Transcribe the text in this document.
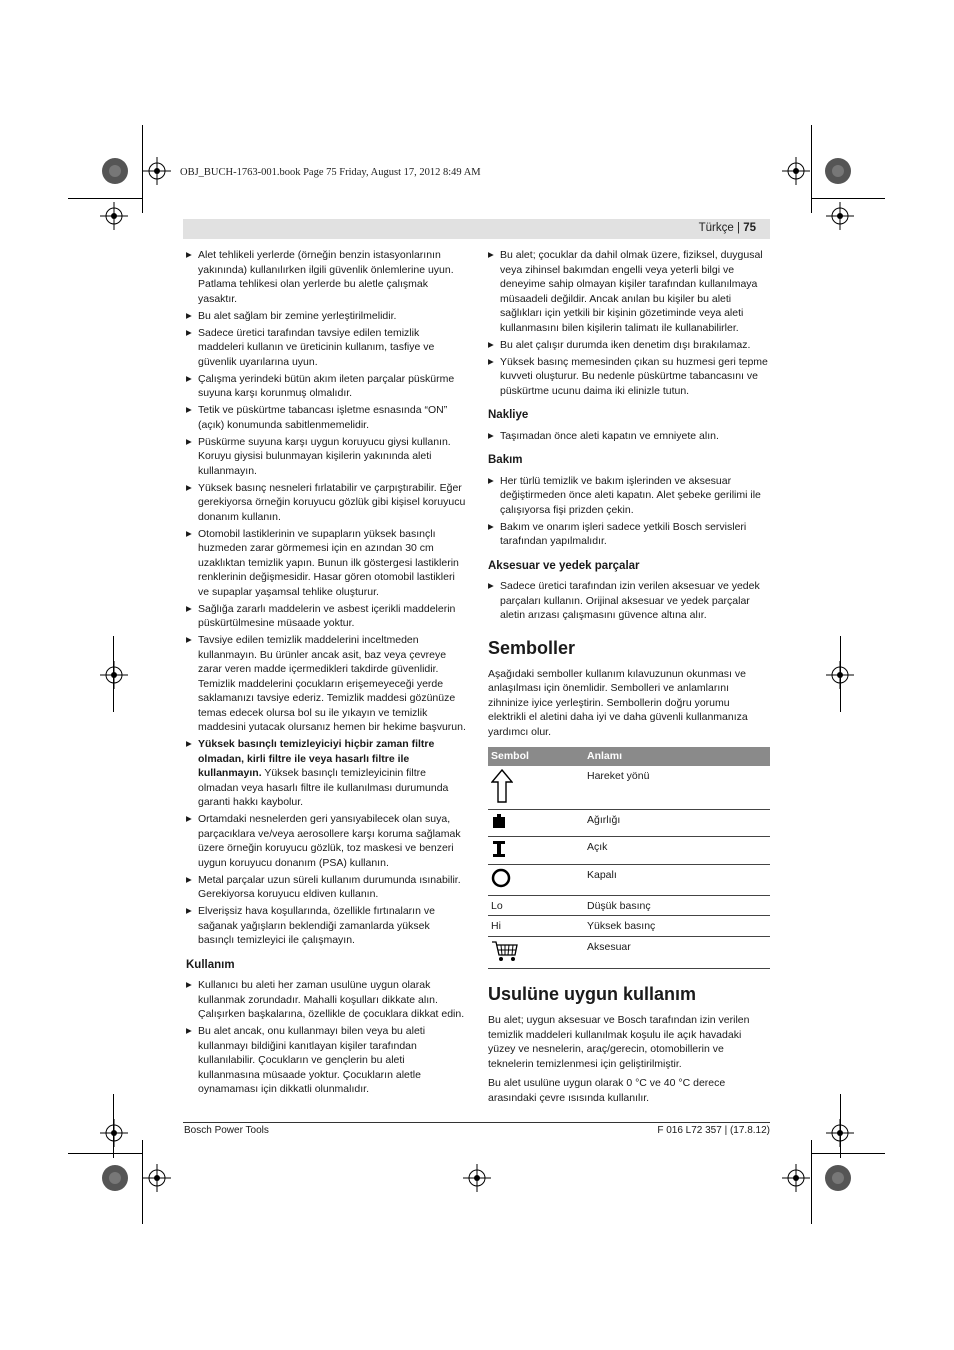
OBJ_BUCH-1763-001.book Page 75 Friday, August 17, 2012 8:49 AM
Türkçe | 75
▶ Alet tehlikeli yerlerde (örneğin benzin istasyonlarının yakınında) kullanılırken ilgili güvenlik önlemlerine uyun. Patlama tehlikesi olan yerlerde bu aletle çalışmak yasaktır.
▶ Bu alet sağlam bir zemine yerleştirilmelidir.
▶ Sadece üretici tarafından tavsiye edilen temizlik maddeleri kullanın ve üreticinin kullanım, tasfiye ve güvenlik uyarılarına uyun.
▶ Çalışma yerindeki bütün akım ileten parçalar püskürme suyuna karşı korunmuş olmalıdır.
▶ Tetik ve püskürtme tabancası işletme esnasında “ON” (açık) konumunda sabitlenmemelidir.
▶ Püskürme suyuna karşı uygun koruyucu giysi kullanın. Koruyu giysisi bulunmayan kişilerin yakınında aleti kullanmayın.
▶ Yüksek basınç nesneleri fırlatabilir ve çarpıştırabilir. Eğer gerekiyorsa örneğin koruyucu gözlük gibi kişisel koruyucu donanım kullanın.
▶ Otomobil lastiklerinin ve supapların yüksek basınçlı huzmeden zarar görmemesi için en azından 30 cm uzaklıktan temizlik yapın. Bunun ilk göstergesi lastiklerin renklerinin değişmesidir. Hasar gören otomobil lastikleri ve supaplar yaşamsal tehlike oluşturur.
▶ Sağlığa zararlı maddelerin ve asbest içerikli maddelerin püskürtülmesine müsaade yoktur.
▶ Tavsiye edilen temizlik maddelerini inceltmeden kullanmayın. Bu ürünler ancak asit, baz veya çevreye zarar veren madde içermedikleri takdirde güvenlidir. Temizlik maddelerini çocukların erişemeyeceği yerde saklamanızı tavsiye ederiz. Temizlik maddesi gözünüze temas edecek olursa bol su ile yıkayın ve temizlik maddesini yutacak olursanız hemen bir hekime başvurun.
▶ Yüksek basınçlı temizleyiciyi hiçbir zaman filtre olmadan, kirli filtre ile veya hasarlı filtre ile kullanmayın. Yüksek basınçlı temizleyicinin filtre olmadan veya hasarlı filtre ile kullanılması durumunda garanti hakkı kaybolur.
▶ Ortamdaki nesnelerden geri yansıyabilecek olan suya, parçacıklara ve/veya aerosollere karşı koruma sağlamak üzere örneğin koruyucu gözlük, toz maskesi ve benzeri uygun koruyucu donanım (PSA) kullanın.
▶ Metal parçalar uzun süreli kullanım durumunda ısınabilir. Gerekiyorsa koruyucu eldiven kullanın.
▶ Elverişsiz hava koşullarında, özellikle fırtınaların ve sağanak yağışların beklendiği zamanlarda yüksek basınçlı temizleyici ile çalışmayın.
Kullanım
▶ Kullanıcı bu aleti her zaman usulüne uygun olarak kullanmak zorundadır. Mahalli koşulları dikkate alın. Çalışırken başkalarına, özellikle de çocuklara dikkat edin.
▶ Bu alet ancak, onu kullanmayı bilen veya bu aleti kullanmayı bildiğini kanıtlayan kişiler tarafından kullanılabilir. Çocukların ve gençlerin bu aleti kullanmasına müsaade yoktur. Çocukların aletle oynamaması için dikkatli olunmalıdır.
▶ Bu alet; çocuklar da dahil olmak üzere, fiziksel, duygusal veya zihinsel bakımdan engelli veya yeterli bilgi ve deneyime sahip olmayan kişiler tarafından kullanılmaya müsaadeli değildir. Ancak anılan bu kişiler bu aleti sağlıkları için yetkili bir kişinin gözetiminde veya aleti kullanmasını bilen kişilerin talimatı ile kullanabilirler.
▶ Bu alet çalışır durumda iken denetim dışı bırakılamaz.
▶ Yüksek basınç memesinden çıkan su huzmesi geri tepme kuvveti oluşturur. Bu nedenle püskürtme tabancasını ve püskürtme ucunu daima iki elinizle tutun.
Nakliye
▶ Taşımadan önce aleti kapatın ve emniyete alın.
Bakım
▶ Her türlü temizlik ve bakım işlerinden ve aksesuar değiştirmeden önce aleti kapatın. Alet şebeke gerilimi ile çalışıyorsa fişi prizden çekin.
▶ Bakım ve onarım işleri sadece yetkili Bosch servisleri tarafından yapılmalıdır.
Aksesuar ve yedek parçalar
▶ Sadece üretici tarafından izin verilen aksesuar ve yedek parçaları kullanın. Orijinal aksesuar ve yedek parçalar aletin arızası çalışmasını güvence altına alır.
Semboller

Aşağıdaki semboller kullanım kılavuzunun okunması ve anlaşılması için önemlidir. Sembolleri ve anlamlarını zihninize iyice yerleştirin. Sembollerin doğru yorumu elektrikli el aletini daha iyi ve daha güvenli kullanmanıza yardımcı olur.

Sembol	Anlamı
	Hareket yönü
	Ağırlığı
	Açık
	Kapalı
Lo	Düşük basınç
Hi	Yüksek basınç
	Aksesuar
Usulüne uygun kullanım

Bu alet; uygun aksesuar ve Bosch tarafından izin verilen temizlik maddeleri kullanılmak koşulu ile açık havadaki yüzey ve nesnelerin, araç/gerecin, otomobillerin ve teknelerin temizlenmesi için geliştirilmiştir.

Bu alet usulüne uygun olarak 0 °C ve 40 °C derece arasındaki çevre ısısında kullanılır.

Bosch Power Tools	F 016 L72 357 | (17.8.12)
